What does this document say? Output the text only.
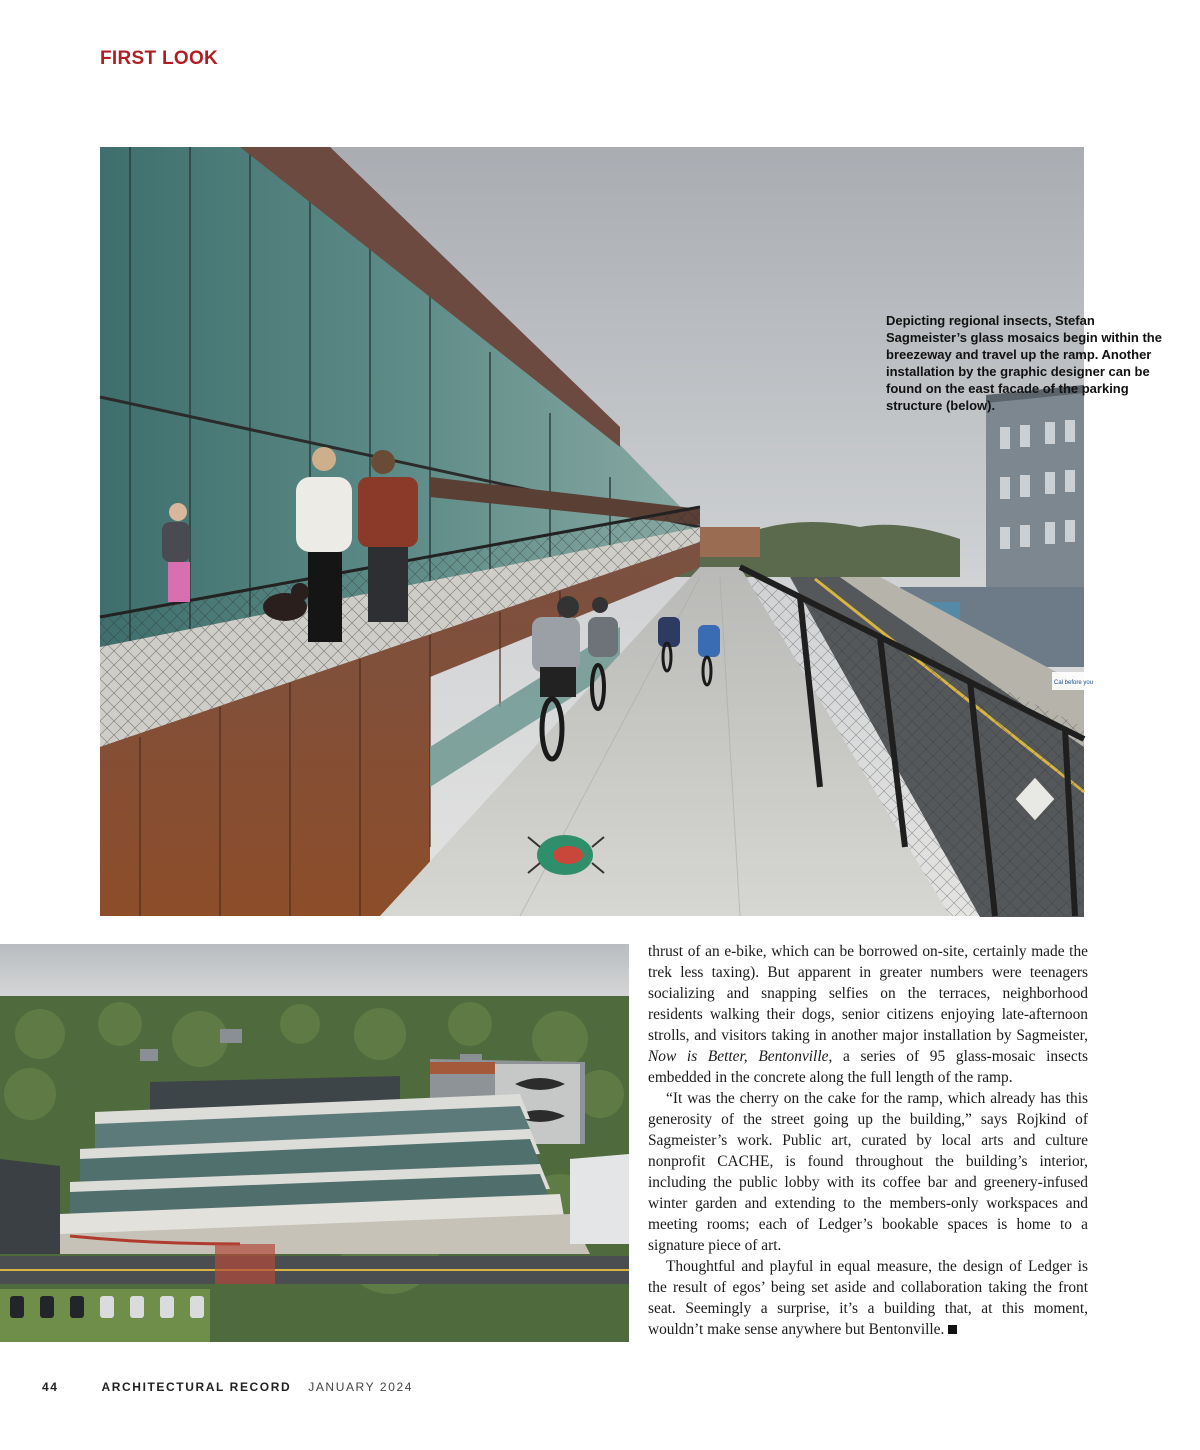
FIRST LOOK
Cal before you
Depicting regional insects, Stefan Sagmeister’s glass mosaics begin within the breezeway and travel up the ramp. Another installation by the graphic designer can be found on the east facade of the parking structure (below).

thrust of an e-bike, which can be borrowed on-site, certainly made the trek less taxing). But apparent in greater numbers were teenagers socializing and snapping selfies on the terraces, neighborhood residents walking their dogs, senior citizens enjoying late-afternoon strolls, and visitors taking in another major installation by Sagmeister, Now is Better, Bentonville, a series of 95 glass-mosaic insects embedded in the concrete along the full length of the ramp.

“It was the cherry on the cake for the ramp, which already has this generosity of the street going up the building,” says Rojkind of Sagmeister’s work. Public art, curated by local arts and culture nonprofit CACHE, is found throughout the building’s interior, including the public lobby with its coffee bar and greenery-infused winter garden and extending to the members-only workspaces and meeting rooms; each of Ledger’s bookable spaces is home to a signature piece of art.

Thoughtful and playful in equal measure, the design of Ledger is the result of egos’ being set aside and collaboration taking the front seat. Seemingly a surprise, it’s a building that, at this moment, wouldn’t make sense anywhere but Bentonville.

44	ARCHITECTURAL RECORD JANUARY 2024
